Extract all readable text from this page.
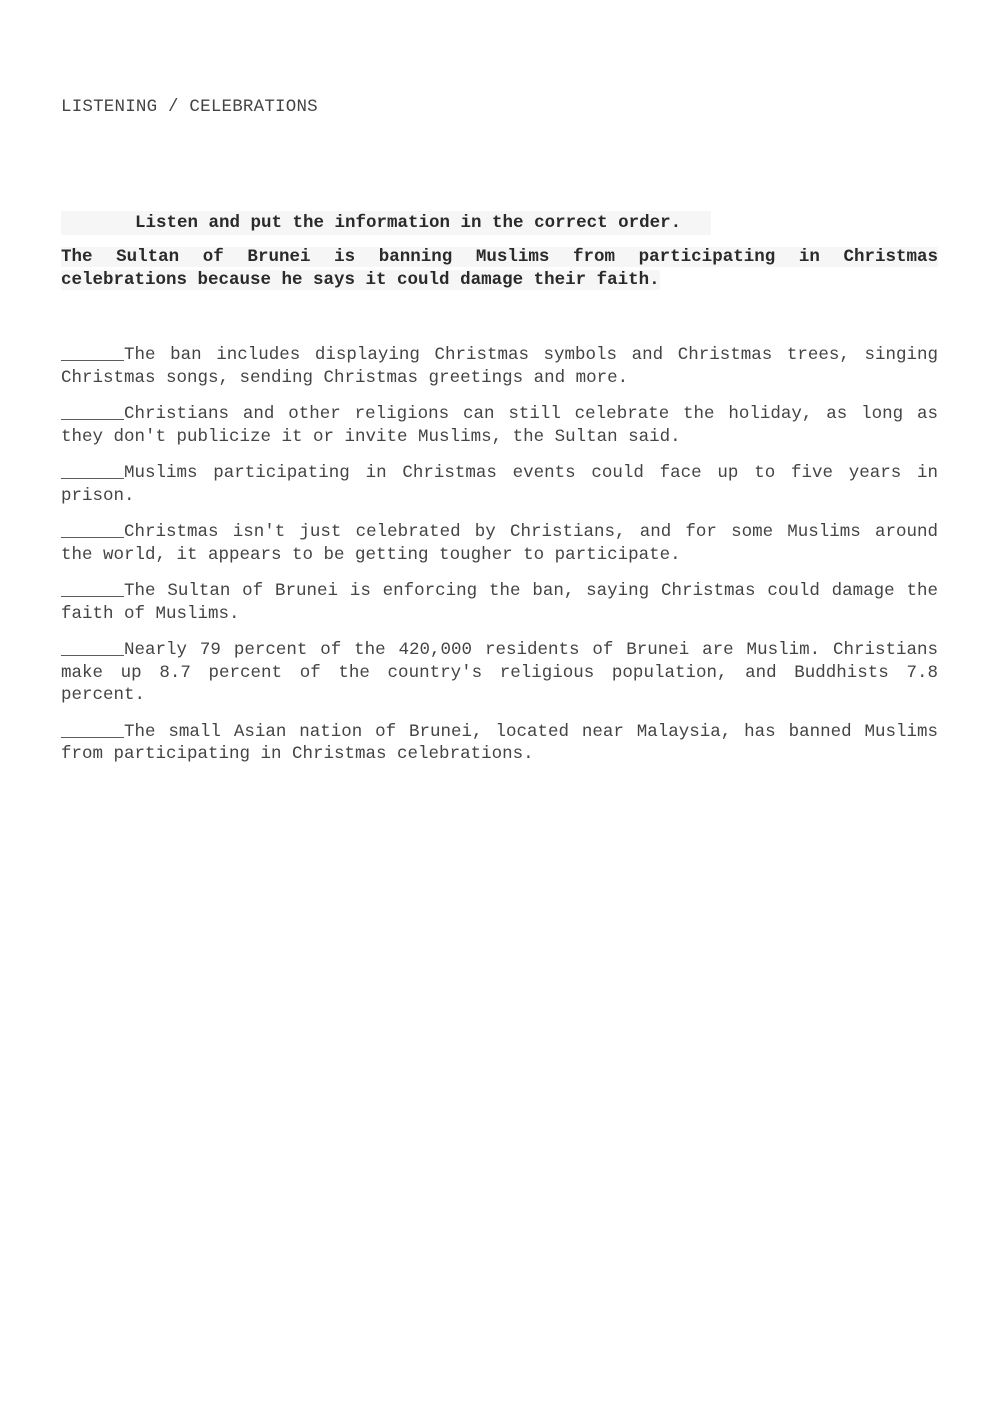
LISTENING / CELEBRATIONS
Listen and put the information in the correct order.
The Sultan of Brunei is banning Muslims from participating in Christmas celebrations because he says it could damage their faith.

______The ban includes displaying Christmas symbols and Christmas trees, singing Christmas songs, sending Christmas greetings and more.

______Christians and other religions can still celebrate the holiday, as long as they don't publicize it or invite Muslims, the Sultan said.

______Muslims participating in Christmas events could face up to five years in prison.

______Christmas isn't just celebrated by Christians, and for some Muslims around the world, it appears to be getting tougher to participate.

______The Sultan of Brunei is enforcing the ban, saying Christmas could damage the faith of Muslims.

______Nearly 79 percent of the 420,000 residents of Brunei are Muslim. Christians make up 8.7 percent of the country's religious population, and Buddhists 7.8 percent.

______The small Asian nation of Brunei, located near Malaysia, has banned Muslims from participating in Christmas celebrations.
